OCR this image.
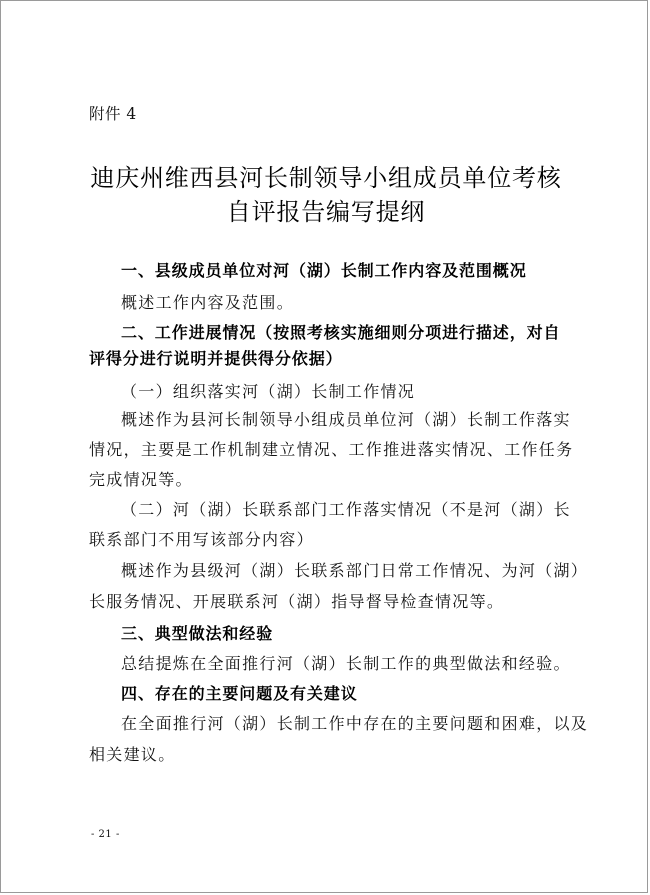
附件 4
迪庆州维西县河长制领导小组成员单位考核
自评报告编写提纲
一、县级成员单位对河（湖）长制工作内容及范围概况
概述工作内容及范围。
二、工作进展情况（按照考核实施细则分项进行描述，对自
评得分进行说明并提供得分依据）
（一）组织落实河（湖）长制工作情况
概述作为县河长制领导小组成员单位河（湖）长制工作落实
情况，主要是工作机制建立情况、工作推进落实情况、工作任务
完成情况等。
（二）河（湖）长联系部门工作落实情况（不是河（湖）长
联系部门不用写该部分内容）
概述作为县级河（湖）长联系部门日常工作情况、为河（湖）
长服务情况、开展联系河（湖）指导督导检查情况等。
三、典型做法和经验
总结提炼在全面推行河（湖）长制工作的典型做法和经验。
四、存在的主要问题及有关建议
在全面推行河（湖）长制工作中存在的主要问题和困难，以及
相关建议。
- 21 -
